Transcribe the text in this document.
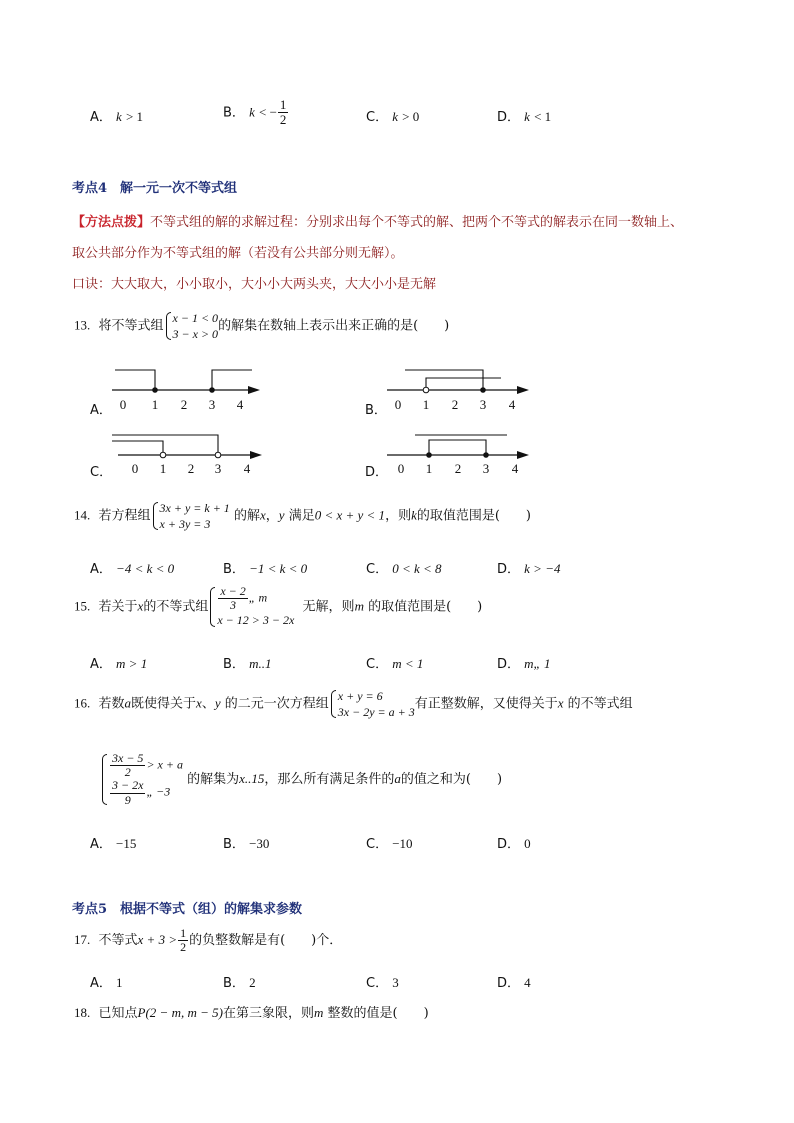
A． k > 1	B． k < − $\frac{1}{2}$	C． k > 0	D． k < 1
考点4　解一元一次不等式组
【方法点拨】不等式组的解的求解过程：分别求出每个不等式的解、把两个不等式的解表示在同一数轴上、
取公共部分作为不等式组的解（若没有公共部分则无解）。
口诀：大大取大，小小取小，大小小大两头夹，大大小小是无解
13. 将不等式组
x − 1 < 0
3 − x > 0
的解集在数轴上表示出来正确的是(　　)
A．	B．
C．	D．
0 1 2 3 4	0 1 2 3 4
0 1 2 3 4	0 1 2 3 4
14. 若方程组
3x + y = k + 1
x + 3y = 3
的解x，y 满足0 < x + y < 1，则k的取值范围是(　　)
A． −4 < k < 0	B． −1 < k < 0	C． 0 < k < 8	D． k > −4
15. 若关于x的不等式组 $\frac{x - 2}{3}$ „ m
x − 12 > 3 − 2x
无解，则m 的取值范围是(　　)
A． m > 1	B． m..1	C． m < 1	D． m„ 1
16. 若数a既使得关于x、y 的二元一次方程组
x + y = 6
3x − 2y = a + 3
有正整数解，又使得关于x 的不等式组
$\frac{3x - 5}{2} > x + a$
$\frac{3 - 2x}{9}$ „ −3
的解集为x..15，那么所有满足条件的a的值之和为(　　)
A． −15	B． −30	C． −10	D． 0
考点5　根据不等式（组）的解集求参数
17. 不等式$x + 3 > \frac{1}{2}$ 的负整数解是有(　　)个．
A． 1	B． 2	C． 3	D． 4
18. 已知点P(2 − m, m − 5)在第三象限，则m 整数的值是(　　)
